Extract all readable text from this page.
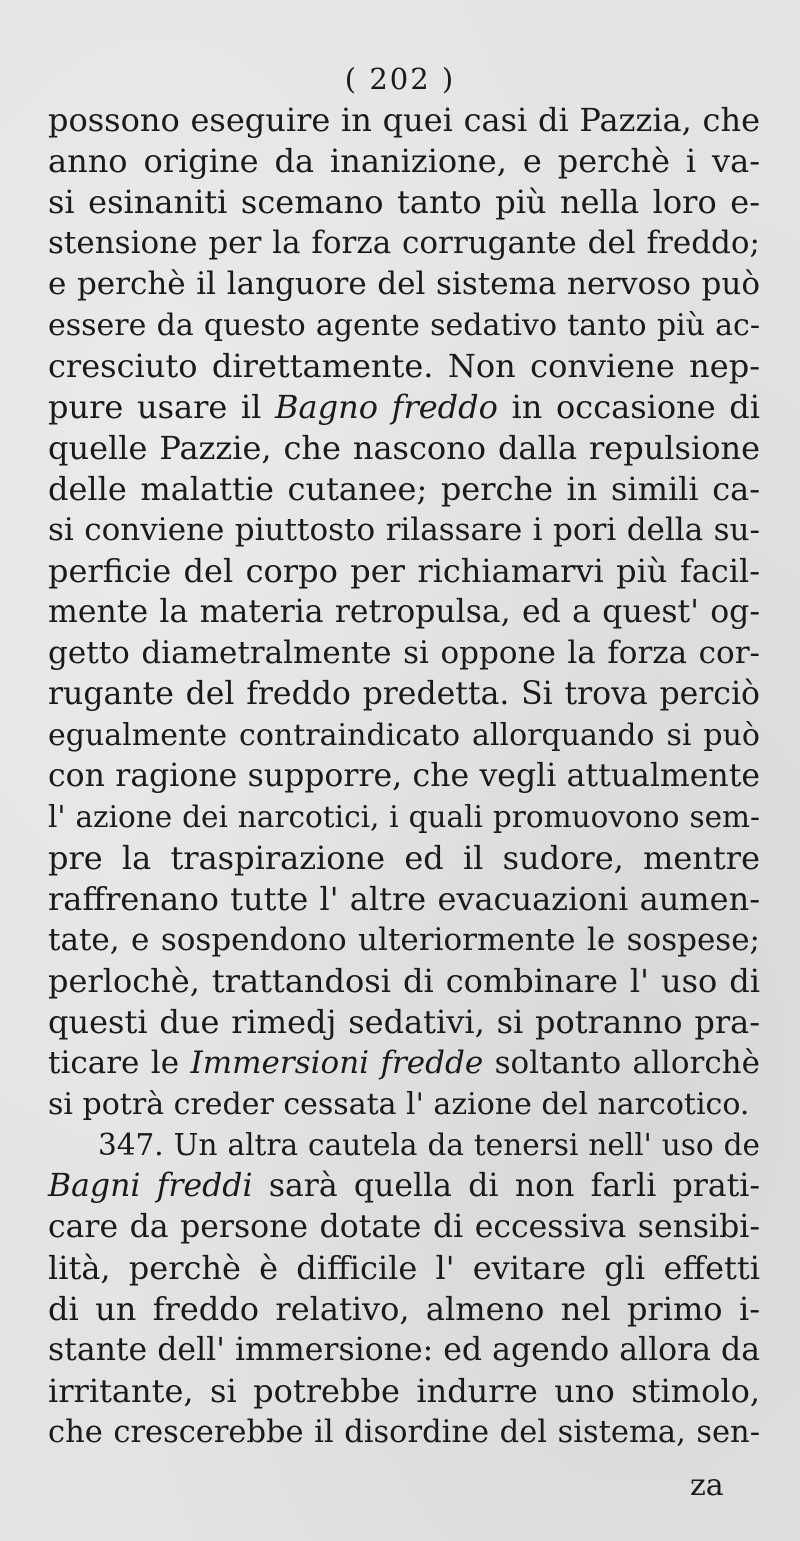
( 202 )
possono eseguire in quei casi di Pazzia, che
anno origine da inanizione, e perchè i va-
si esinaniti scemano tanto più nella loro e-
stensione per la forza corrugante del freddo;
e perchè il languore del sistema nervoso può
essere da questo agente sedativo tanto più ac-
cresciuto direttamente. Non conviene nep-
pure usare il Bagno freddo in occasione di
quelle Pazzie, che nascono dalla repulsione
delle malattie cutanee; perche in simili ca-
si conviene piuttosto rilassare i pori della su-
perficie del corpo per richiamarvi più facil-
mente la materia retropulsa, ed a quest' og-
getto diametralmente si oppone la forza cor-
rugante del freddo predetta. Si trova perciò
egualmente contraindicato allorquando si può
con ragione supporre, che vegli attualmente
l' azione dei narcotici, i quali promuovono sem-
pre la traspirazione ed il sudore, mentre
raffrenano tutte l' altre evacuazioni aumen-
tate, e sospendono ulteriormente le sospese;
perlochè, trattandosi di combinare l' uso di
questi due rimedj sedativi, si potranno pra-
ticare le Immersioni fredde soltanto allorchè
si potrà creder cessata l' azione del narcotico.
347. Un altra cautela da tenersi nell' uso de
Bagni freddi sarà quella di non farli prati-
care da persone dotate di eccessiva sensibi-
lità, perchè è difficile l' evitare gli effetti
di un freddo relativo, almeno nel primo i-
stante dell' immersione: ed agendo allora da
irritante, si potrebbe indurre uno stimolo,
che crescerebbe il disordine del sistema, sen-
za
